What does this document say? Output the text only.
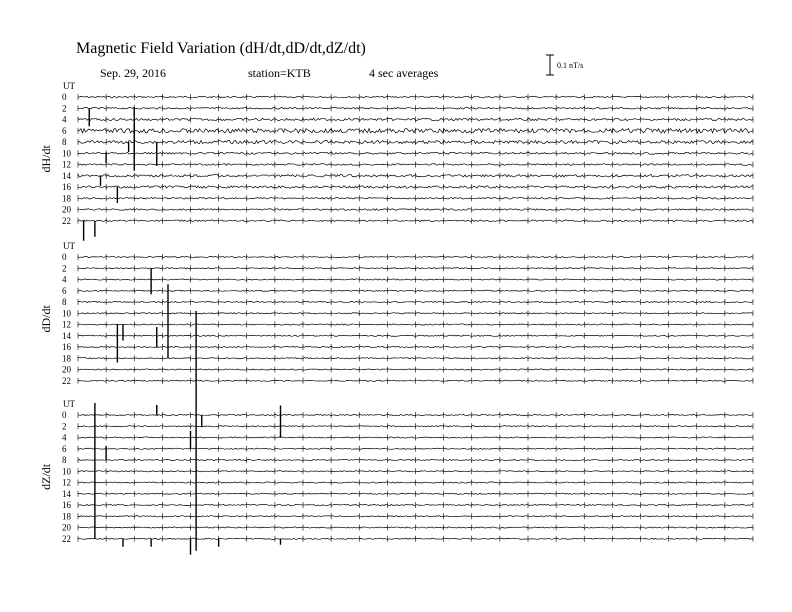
Magnetic Field Variation (dH/dt,dD/dt,dZ/dt)
Sep. 29, 2016	station=KTB	4 sec averages
0.1 nT/s
UT
dH/dt
0
2
4
6
8
10
12
14
16
18
20
22
UT
dD/dt
0
2
4
6
8
10
12
14
16
18
20
22
UT
dZ/dt
0
2
4
6
8
10
12
14
16
18
20
22
